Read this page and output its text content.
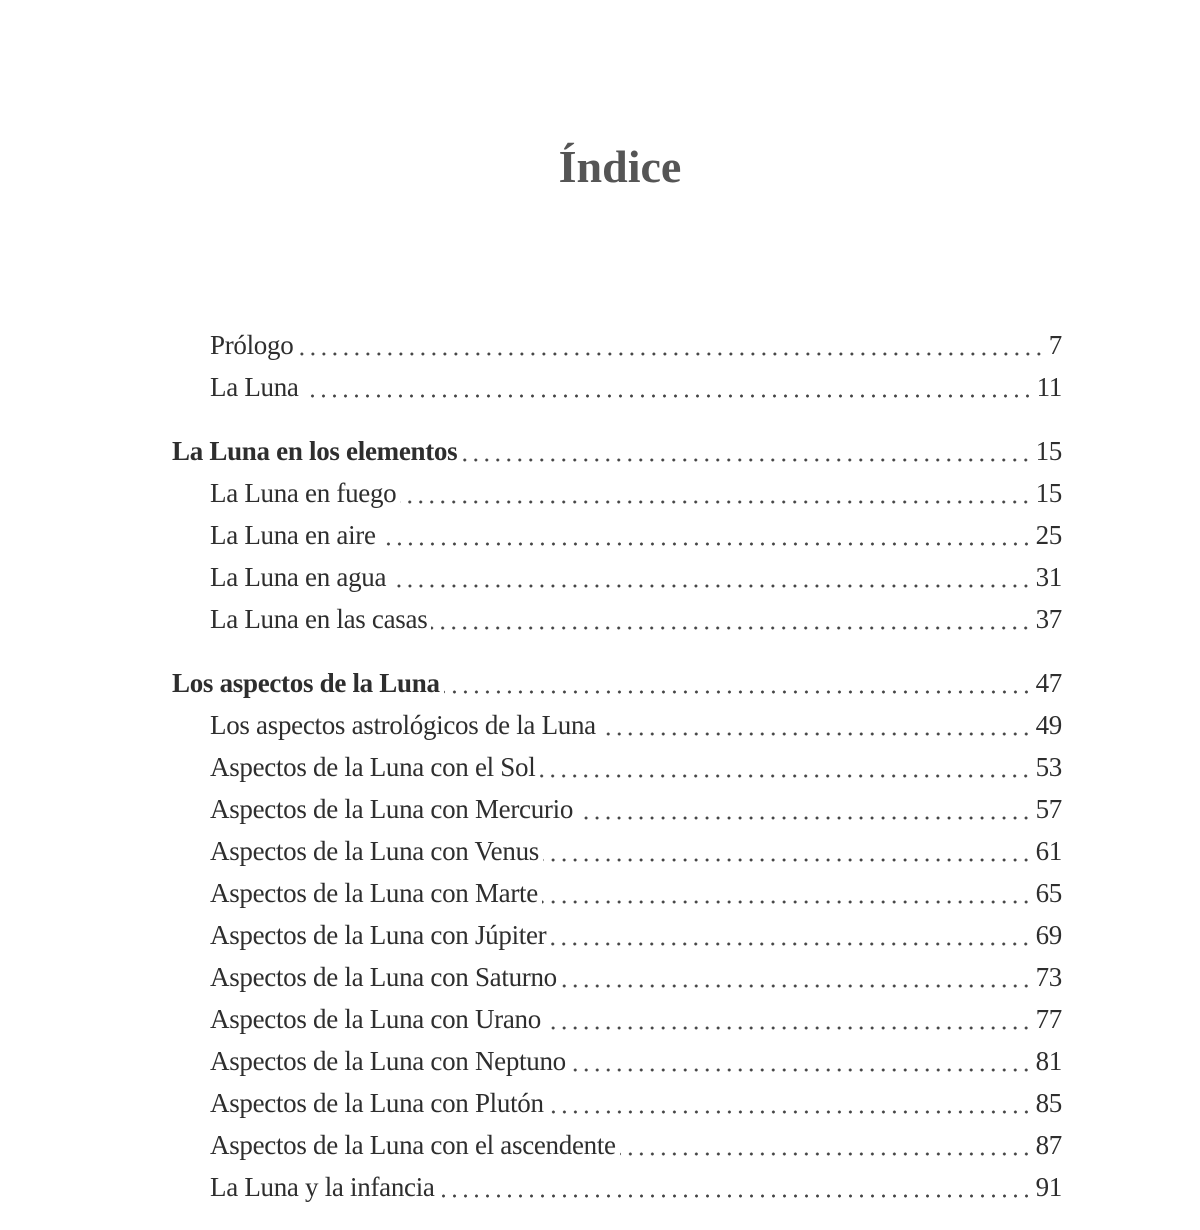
Índice
Prólogo	7
La Luna	11
La Luna en los elementos	15
La Luna en fuego	15
La Luna en aire	25
La Luna en agua	31
La Luna en las casas	37
Los aspectos de la Luna	47
Los aspectos astrológicos de la Luna	49
Aspectos de la Luna con el Sol	53
Aspectos de la Luna con Mercurio	57
Aspectos de la Luna con Venus	61
Aspectos de la Luna con Marte	65
Aspectos de la Luna con Júpiter	69
Aspectos de la Luna con Saturno	73
Aspectos de la Luna con Urano	77
Aspectos de la Luna con Neptuno	81
Aspectos de la Luna con Plutón	85
Aspectos de la Luna con el ascendente	87
La Luna y la infancia	91
